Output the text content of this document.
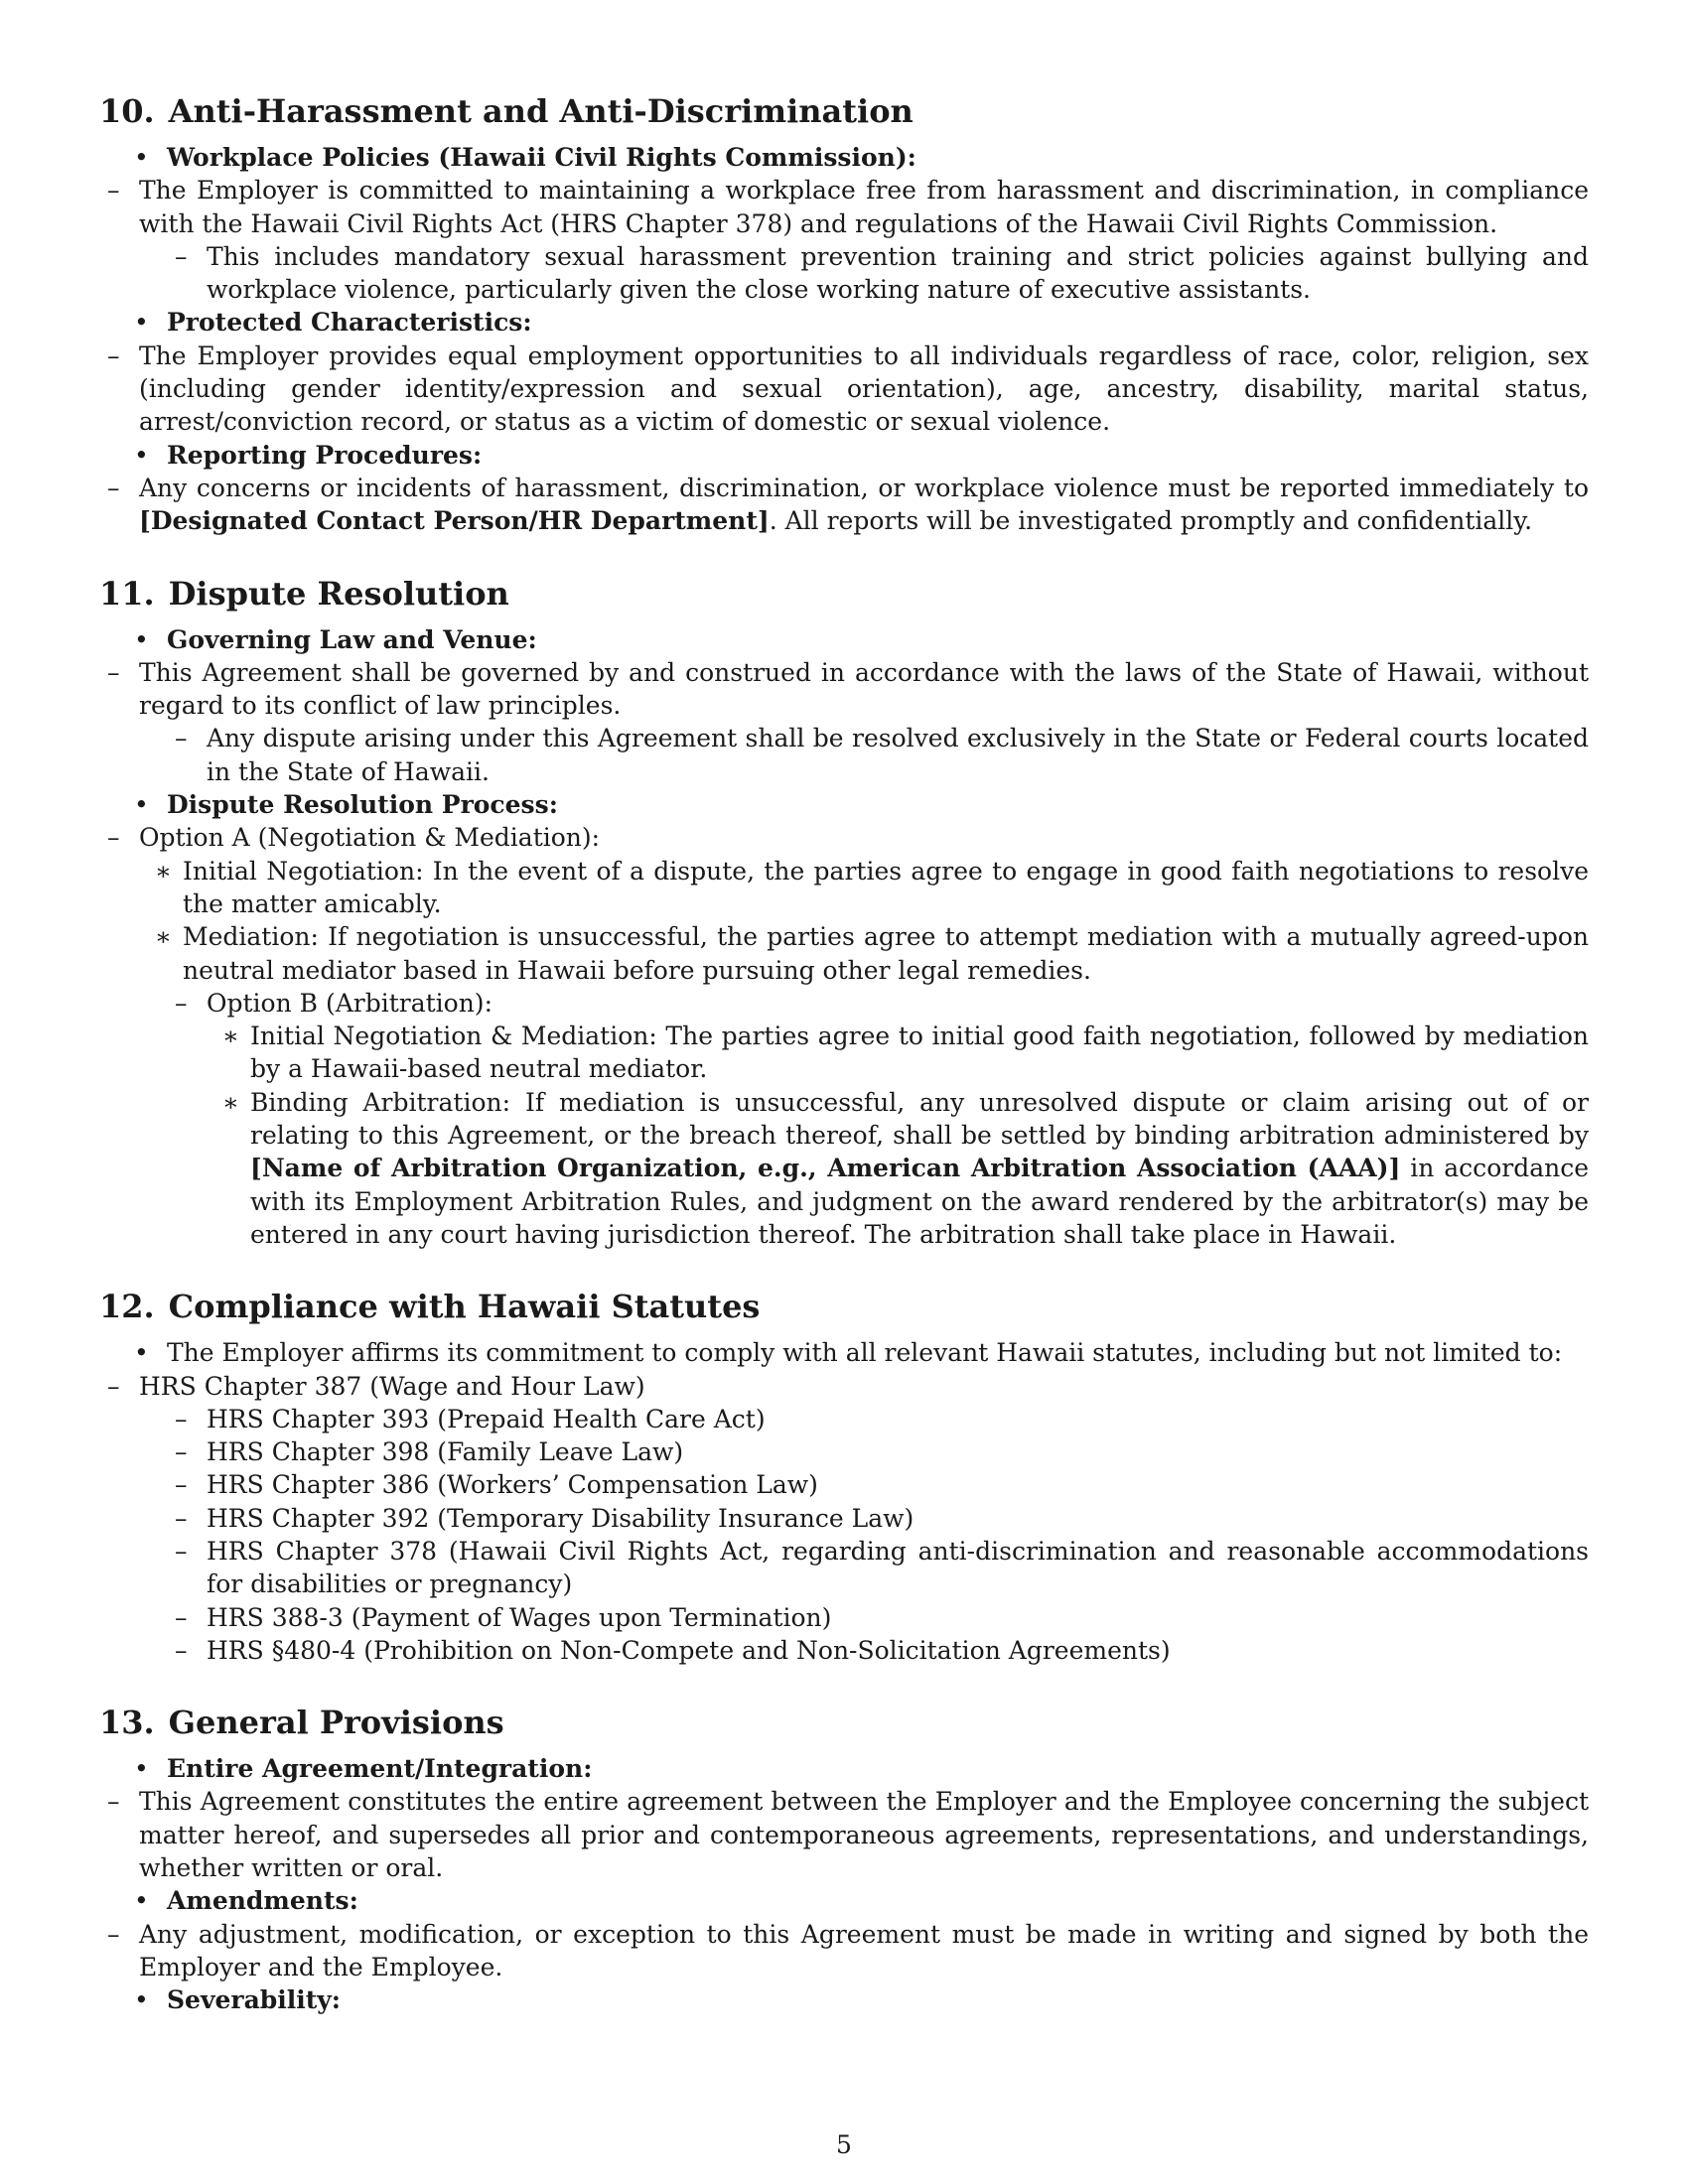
10. Anti-Harassment and Anti-Discrimination
• Workplace Policies (Hawaii Civil Rights Commission):
– The Employer is committed to maintaining a workplace free from harassment and discrimination, in compliance with the Hawaii Civil Rights Act (HRS Chapter 378) and regulations of the Hawaii Civil Rights Commission.
– This includes mandatory sexual harassment prevention training and strict policies against bullying and workplace violence, particularly given the close working nature of executive assistants.
• Protected Characteristics:
– The Employer provides equal employment opportunities to all individuals regardless of race, color, religion, sex (including gender identity/expression and sexual orientation), age, ancestry, disability, marital status, arrest/conviction record, or status as a victim of domestic or sexual violence.
• Reporting Procedures:
– Any concerns or incidents of harassment, discrimination, or workplace violence must be reported immediately to [Designated Contact Person/HR Department]. All reports will be investigated promptly and confidentially.
11. Dispute Resolution
• Governing Law and Venue:
– This Agreement shall be governed by and construed in accordance with the laws of the State of Hawaii, without regard to its conflict of law principles.
– Any dispute arising under this Agreement shall be resolved exclusively in the State or Federal courts located in the State of Hawaii.
• Dispute Resolution Process:
– Option A (Negotiation & Mediation):
∗ Initial Negotiation: In the event of a dispute, the parties agree to engage in good faith negotiations to resolve the matter amicably.
∗ Mediation: If negotiation is unsuccessful, the parties agree to attempt mediation with a mutually agreed-upon neutral mediator based in Hawaii before pursuing other legal remedies.
– Option B (Arbitration):
∗ Initial Negotiation & Mediation: The parties agree to initial good faith negotiation, followed by mediation by a Hawaii-based neutral mediator.
∗ Binding Arbitration: If mediation is unsuccessful, any unresolved dispute or claim arising out of or relating to this Agreement, or the breach thereof, shall be settled by binding arbitration administered by [Name of Arbitration Organization, e.g., American Arbitration Association (AAA)] in accordance with its Employment Arbitration Rules, and judgment on the award rendered by the arbitrator(s) may be entered in any court having jurisdiction thereof. The arbitration shall take place in Hawaii.
12. Compliance with Hawaii Statutes
• The Employer affirms its commitment to comply with all relevant Hawaii statutes, including but not limited to:
– HRS Chapter 387 (Wage and Hour Law)
– HRS Chapter 393 (Prepaid Health Care Act)
– HRS Chapter 398 (Family Leave Law)
– HRS Chapter 386 (Workers’ Compensation Law)
– HRS Chapter 392 (Temporary Disability Insurance Law)
– HRS Chapter 378 (Hawaii Civil Rights Act, regarding anti-discrimination and reasonable accommodations for disabilities or pregnancy)
– HRS 388-3 (Payment of Wages upon Termination)
– HRS §480-4 (Prohibition on Non-Compete and Non-Solicitation Agreements)
13. General Provisions
• Entire Agreement/Integration:
– This Agreement constitutes the entire agreement between the Employer and the Employee concerning the subject matter hereof, and supersedes all prior and contemporaneous agreements, representations, and understandings, whether written or oral.
• Amendments:
– Any adjustment, modification, or exception to this Agreement must be made in writing and signed by both the Employer and the Employee.
• Severability:
5
